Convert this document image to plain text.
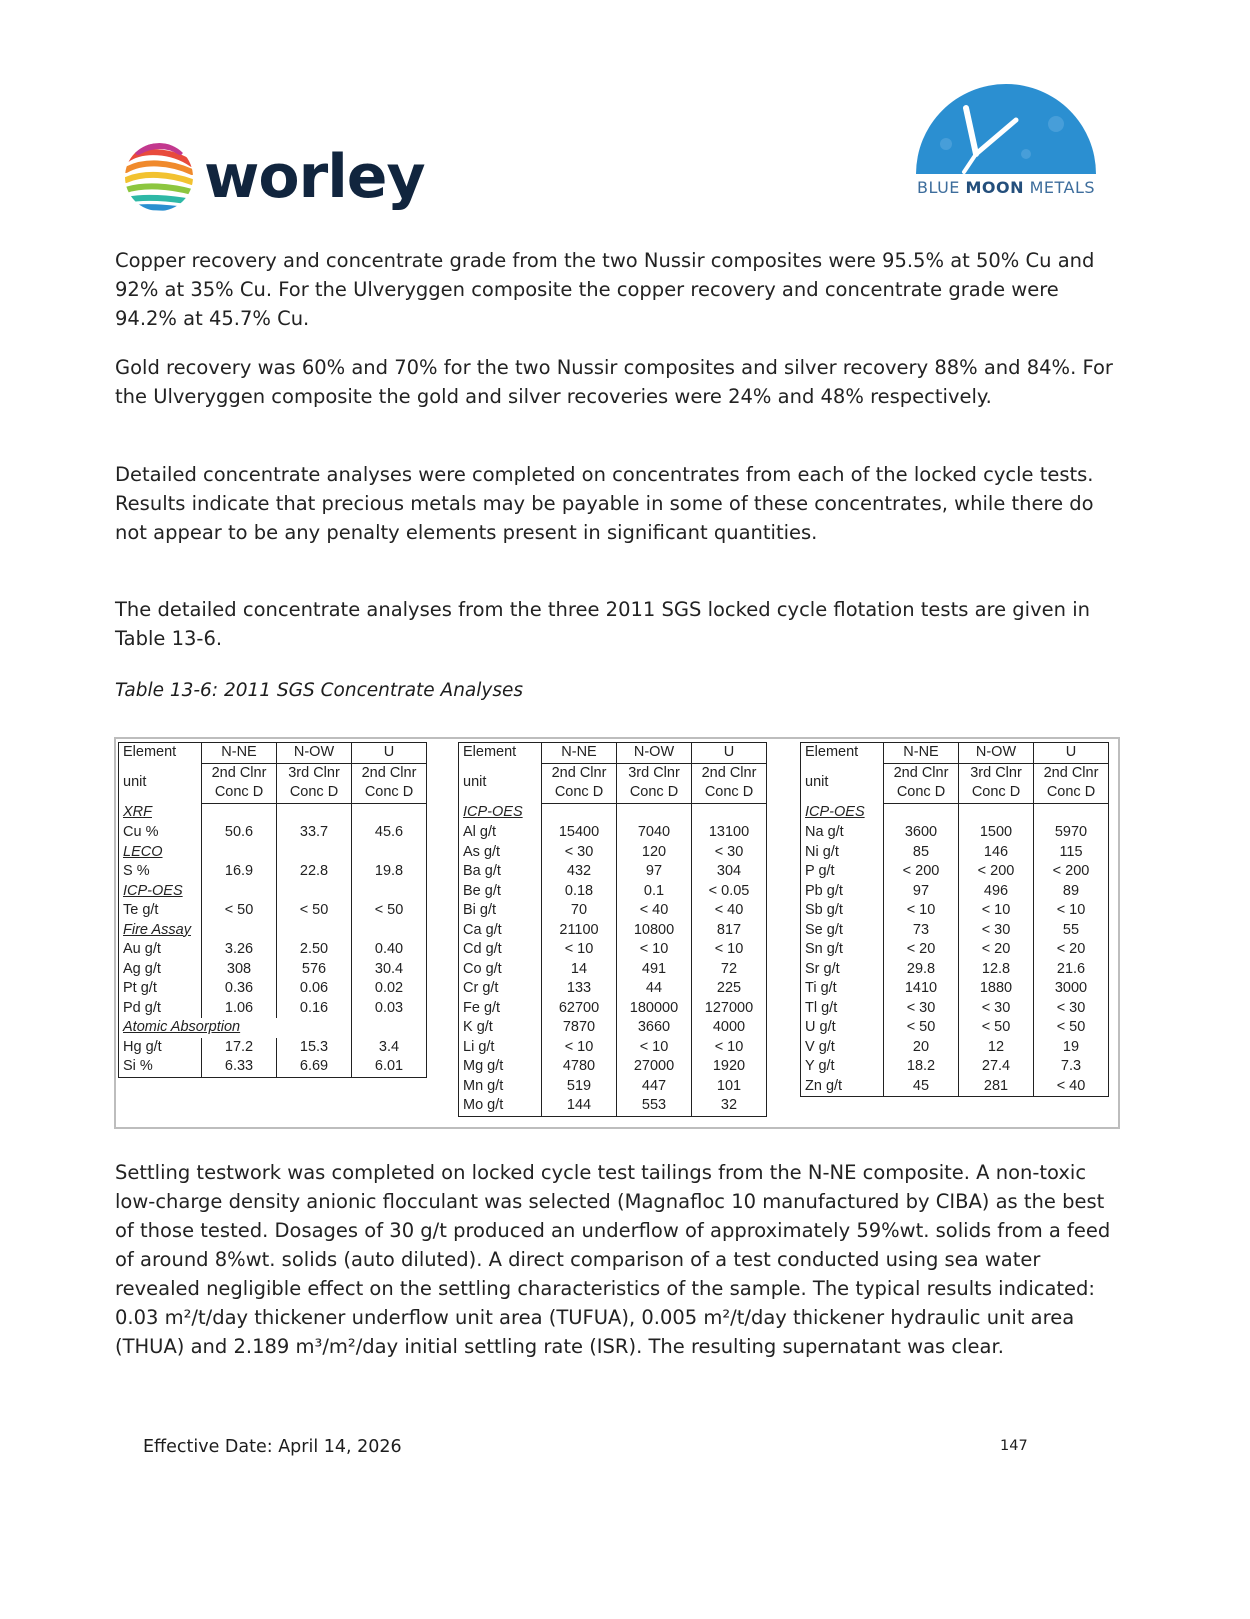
worley	BLUE MOON METALS

Copper recovery and concentrate grade from the two Nussir composites were 95.5% at 50% Cu and 92% at 35% Cu. For the Ulveryggen composite the copper recovery and concentrate grade were 94.2% at 45.7% Cu.

Gold recovery was 60% and 70% for the two Nussir composites and silver recovery 88% and 84%. For the Ulveryggen composite the gold and silver recoveries were 24% and 48% respectively.

Detailed concentrate analyses were completed on concentrates from each of the locked cycle tests. Results indicate that precious metals may be payable in some of these concentrates, while there do not appear to be any penalty elements present in significant quantities.

The detailed concentrate analyses from the three 2011 SGS locked cycle flotation tests are given in Table 13-6.

Table 13-6: 2011 SGS Concentrate Analyses

Element	N-NE	N-OW	U
unit	2nd Clnr	3rd Clnr	2nd Clnr
	Conc D	Conc D	Conc D
XRF			
Cu %	50.6	33.7	45.6
LECO			
S %	16.9	22.8	19.8
ICP-OES			
Te g/t	< 50	< 50	< 50
Fire Assay			
Au g/t	3.26	2.50	0.40
Ag g/t	308	576	30.4
Pt g/t	0.36	0.06	0.02
Pd g/t	1.06	0.16	0.03
Atomic Absorption			
Hg g/t	17.2	15.3	3.4
Si %	6.33	6.69	6.01
Element	N-NE	N-OW	U
unit	2nd Clnr	3rd Clnr	2nd Clnr
	Conc D	Conc D	Conc D
ICP-OES			
Al g/t	15400	7040	13100
As g/t	< 30	120	< 30
Ba g/t	432	97	304
Be g/t	0.18	0.1	< 0.05
Bi g/t	70	< 40	< 40
Ca g/t	21100	10800	817
Cd g/t	< 10	< 10	< 10
Co g/t	14	491	72
Cr g/t	133	44	225
Fe g/t	62700	180000	127000
K g/t	7870	3660	4000
Li g/t	< 10	< 10	< 10
Mg g/t	4780	27000	1920
Mn g/t	519	447	101
Mo g/t	144	553	32
Element	N-NE	N-OW	U
unit	2nd Clnr	3rd Clnr	2nd Clnr
	Conc D	Conc D	Conc D
ICP-OES			
Na g/t	3600	1500	5970
Ni g/t	85	146	115
P g/t	< 200	< 200	< 200
Pb g/t	97	496	89
Sb g/t	< 10	< 10	< 10
Se g/t	73	< 30	55
Sn g/t	< 20	< 20	< 20
Sr g/t	29.8	12.8	21.6
Ti g/t	1410	1880	3000
Tl g/t	< 30	< 30	< 30
U g/t	< 50	< 50	< 50
V g/t	20	12	19
Y g/t	18.2	27.4	7.3
Zn g/t	45	281	< 40

Settling testwork was completed on locked cycle test tailings from the N-NE composite. A non-toxic low-charge density anionic flocculant was selected (Magnafloc 10 manufactured by CIBA) as the best of those tested. Dosages of 30 g/t produced an underflow of approximately 59%wt. solids from a feed of around 8%wt. solids (auto diluted). A direct comparison of a test conducted using sea water revealed negligible effect on the settling characteristics of the sample. The typical results indicated: 0.03 m²/t/day thickener underflow unit area (TUFUA), 0.005 m²/t/day thickener hydraulic unit area (THUA) and 2.189 m³/m²/day initial settling rate (ISR). The resulting supernatant was clear.

Effective Date: April 14, 2026	147
